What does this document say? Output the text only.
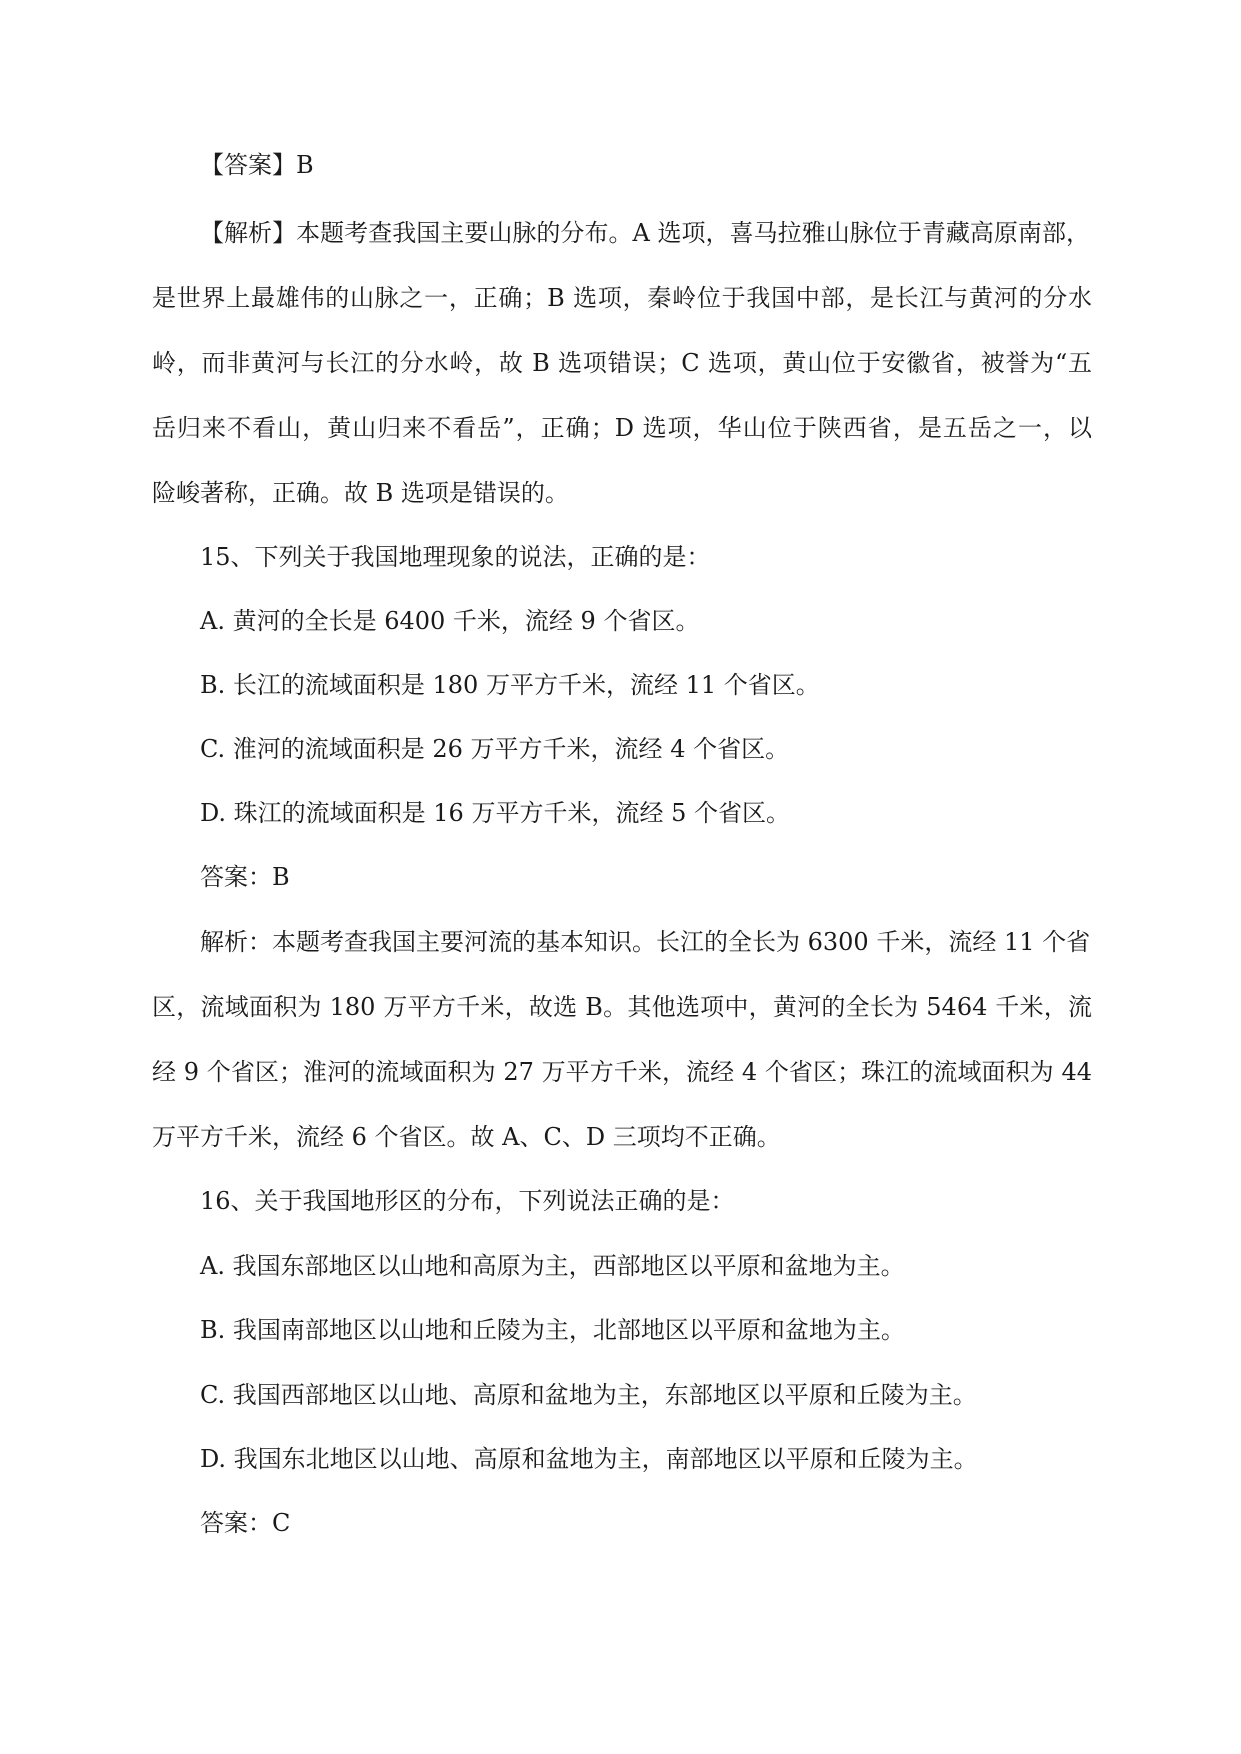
【答案】B
【解析】本题考查我国主要山脉的分布。A 选项，喜马拉雅山脉位于青藏高原南部，
是世界上最雄伟的山脉之一，正确；B 选项，秦岭位于我国中部，是长江与黄河的分水
岭，而非黄河与长江的分水岭，故 B 选项错误；C 选项，黄山位于安徽省，被誉为“五
岳归来不看山，黄山归来不看岳”，正确；D 选项，华山位于陕西省，是五岳之一，以
险峻著称，正确。故 B 选项是错误的。
15、下列关于我国地理现象的说法，正确的是：
A. 黄河的全长是 6400 千米，流经 9 个省区。
B. 长江的流域面积是 180 万平方千米，流经 11 个省区。
C. 淮河的流域面积是 26 万平方千米，流经 4 个省区。
D. 珠江的流域面积是 16 万平方千米，流经 5 个省区。
答案：B
解析：本题考查我国主要河流的基本知识。长江的全长为 6300 千米，流经 11 个省
区，流域面积为 180 万平方千米，故选 B。其他选项中，黄河的全长为 5464 千米，流
经 9 个省区；淮河的流域面积为 27 万平方千米，流经 4 个省区；珠江的流域面积为 44
万平方千米，流经 6 个省区。故 A、C、D 三项均不正确。
16、关于我国地形区的分布，下列说法正确的是：
A. 我国东部地区以山地和高原为主，西部地区以平原和盆地为主。
B. 我国南部地区以山地和丘陵为主，北部地区以平原和盆地为主。
C. 我国西部地区以山地、高原和盆地为主，东部地区以平原和丘陵为主。
D. 我国东北地区以山地、高原和盆地为主，南部地区以平原和丘陵为主。
答案：C
